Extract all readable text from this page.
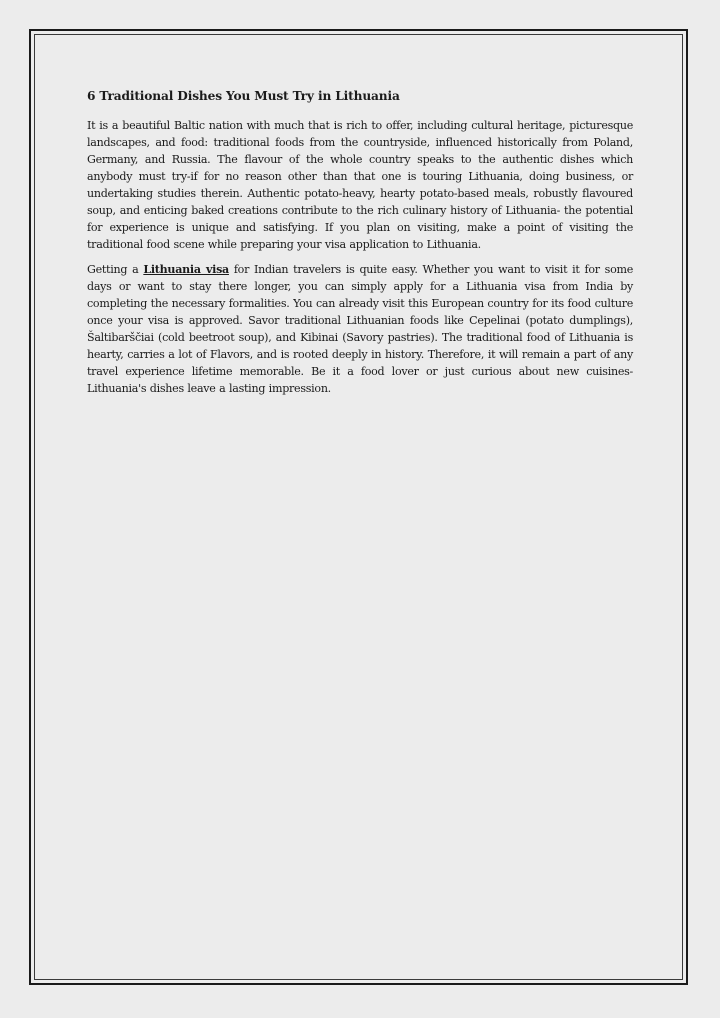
6 Traditional Dishes You Must Try in Lithuania

It is a beautiful Baltic nation with much that is rich to offer, including cultural heritage, picturesque landscapes, and food: traditional foods from the countryside, influenced historically from Poland, Germany, and Russia. The flavour of the whole country speaks to the authentic dishes which anybody must try-if for no reason other than that one is touring Lithuania, doing business, or undertaking studies therein. Authentic potato-heavy, hearty potato-based meals, robustly flavoured soup, and enticing baked creations contribute to the rich culinary history of Lithuania- the potential for experience is unique and satisfying. If you plan on visiting, make a point of visiting the traditional food scene while preparing your visa application to Lithuania.

Getting a Lithuania visa for Indian travelers is quite easy. Whether you want to visit it for some days or want to stay there longer, you can simply apply for a Lithuania visa from India by completing the necessary formalities. You can already visit this European country for its food culture once your visa is approved. Savor traditional Lithuanian foods like Cepelinai (potato dumplings), Šaltibarščiai (cold beetroot soup), and Kibinai (Savory pastries). The traditional food of Lithuania is hearty, carries a lot of Flavors, and is rooted deeply in history. Therefore, it will remain a part of any travel experience lifetime memorable. Be it a food lover or just curious about new cuisines-Lithuania's dishes leave a lasting impression.
